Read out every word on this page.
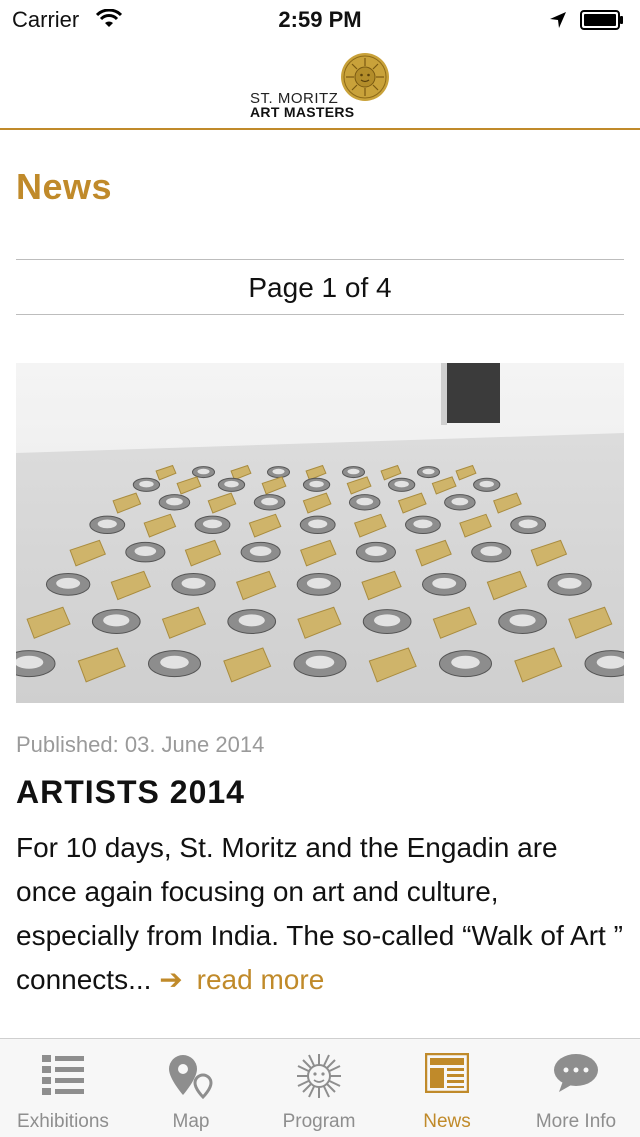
Carrier	2:59 PM
ST. MORITZ
ART MASTERS
News
Page 1 of 4
Published: 03. June 2014
ARTISTS 2014
For 10 days, St. Moritz and the Engadin are once again focusing on art and culture, especially from India. The so-called “Walk of Art ” connects... ➔ read more
Exhibitions	Map	Program	News	More Info
